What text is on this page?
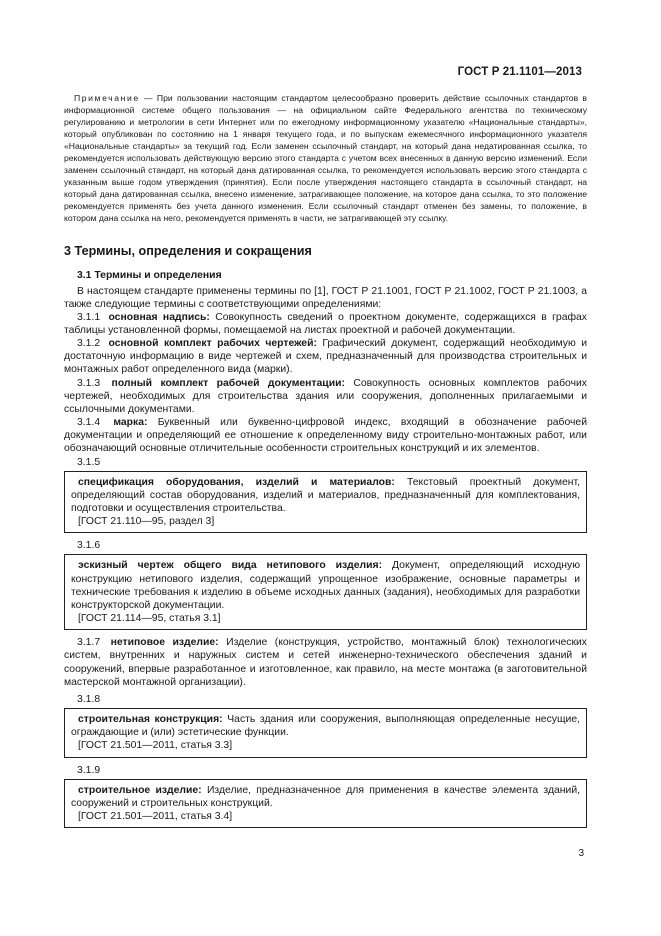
ГОСТ Р 21.1101—2013

Примечание — При пользовании настоящим стандартом целесообразно проверить действие ссылочных стандартов в информационной системе общего пользования — на официальном сайте Федерального агентства по техническому регулированию и метрологии в сети Интернет или по ежегодному информационному указателю «Национальные стандарты», который опубликован по состоянию на 1 января текущего года, и по выпускам ежемесячного информационного указателя «Национальные стандарты» за текущий год. Если заменен ссылочный стандарт, на который дана недатированная ссылка, то рекомендуется использовать действующую версию этого стандарта с учетом всех внесенных в данную версию изменений. Если заменен ссылочный стандарт, на который дана датированная ссылка, то рекомендуется использовать версию этого стандарта с указанным выше годом утверждения (принятия). Если после утверждения настоящего стандарта в ссылочный стандарт, на который дана датированная ссылка, внесено изменение, затрагивающее положение, на которое дана ссылка, то это положение рекомендуется применять без учета данного изменения. Если ссылочный стандарт отменен без замены, то положение, в котором дана ссылка на него, рекомендуется применять в части, не затрагивающей эту ссылку.

3 Термины, определения и сокращения
3.1 Термины и определения

В настоящем стандарте применены термины по [1], ГОСТ Р 21.1001, ГОСТ Р 21.1002, ГОСТ Р 21.1003, а также следующие термины с соответствующими определениями:

3.1.1 основная надпись: Совокупность сведений о проектном документе, содержащихся в графах таблицы установленной формы, помещаемой на листах проектной и рабочей документации.

3.1.2 основной комплект рабочих чертежей: Графический документ, содержащий необходимую и достаточную информацию в виде чертежей и схем, предназначенный для производства строительных и монтажных работ определенного вида (марки).

3.1.3 полный комплект рабочей документации: Совокупность основных комплектов рабочих чертежей, необходимых для строительства здания или сооружения, дополненных прилагаемыми и ссылочными документами.

3.1.4 марка: Буквенный или буквенно-цифровой индекс, входящий в обозначение рабочей документации и определяющий ее отношение к определенному виду строительно-монтажных работ, или обозначающий основные отличительные особенности строительных конструкций и их элементов.

3.1.5

спецификация оборудования, изделий и материалов: Текстовый проектный документ, определяющий состав оборудования, изделий и материалов, предназначенный для комплектования, подготовки и осуществления строительства.

[ГОСТ 21.110—95, раздел 3]
3.1.6

эскизный чертеж общего вида нетипового изделия: Документ, определяющий исходную конструкцию нетипового изделия, содержащий упрощенное изображение, основные параметры и технические требования к изделию в объеме исходных данных (задания), необходимых для разработки конструкторской документации.

[ГОСТ 21.114—95, статья 3.1]

3.1.7 нетиповое изделие: Изделие (конструкция, устройство, монтажный блок) технологических систем, внутренних и наружных систем и сетей инженерно-технического обеспечения зданий и сооружений, впервые разработанное и изготовленное, как правило, на месте монтажа (в заготовительной мастерской монтажной организации).

3.1.8

строительная конструкция: Часть здания или сооружения, выполняющая определенные несущие, ограждающие и (или) эстетические функции.

[ГОСТ 21.501—2011, статья 3.3]
3.1.9

строительное изделие: Изделие, предназначенное для применения в качестве элемента зданий, сооружений и строительных конструкций.

[ГОСТ 21.501—2011, статья 3.4]
3
